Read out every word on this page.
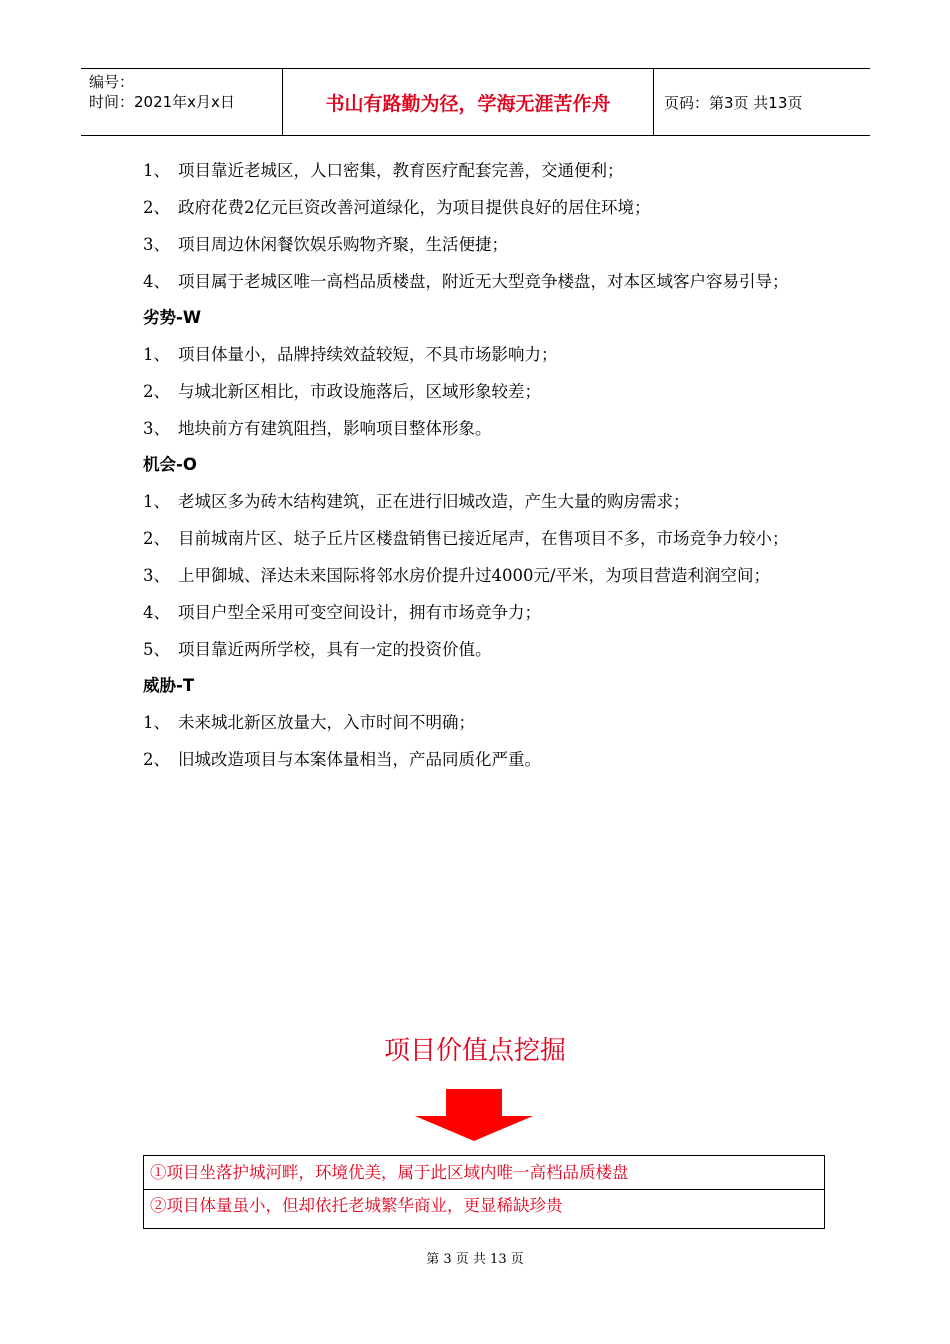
编号：
时间：2021年x月x日	书山有路勤为径，学海无涯苦作舟	页码：第3页 共13页
1、 项目靠近老城区，人口密集，教育医疗配套完善，交通便利；
2、 政府花费2亿元巨资改善河道绿化，为项目提供良好的居住环境；
3、 项目周边休闲餐饮娱乐购物齐聚，生活便捷；
4、 项目属于老城区唯一高档品质楼盘，附近无大型竞争楼盘，对本区域客户容易引导；
劣势-W
1、 项目体量小，品牌持续效益较短，不具市场影响力；
2、 与城北新区相比，市政设施落后，区域形象较差；
3、 地块前方有建筑阻挡，影响项目整体形象。
机会-O
1、 老城区多为砖木结构建筑，正在进行旧城改造，产生大量的购房需求；
2、 目前城南片区、垯子丘片区楼盘销售已接近尾声，在售项目不多，市场竞争力较小；
3、 上甲御城、泽达未来国际将邻水房价提升过4000元/平米，为项目营造利润空间；
4、 项目户型全采用可变空间设计，拥有市场竞争力；
5、 项目靠近两所学校，具有一定的投资价值。
威胁-T
1、 未来城北新区放量大，入市时间不明确；
2、 旧城改造项目与本案体量相当，产品同质化严重。
项目价值点挖掘
①项目坐落护城河畔，环境优美，属于此区域内唯一高档品质楼盘
②项目体量虽小，但却依托老城繁华商业，更显稀缺珍贵
第 3 页 共 13 页
